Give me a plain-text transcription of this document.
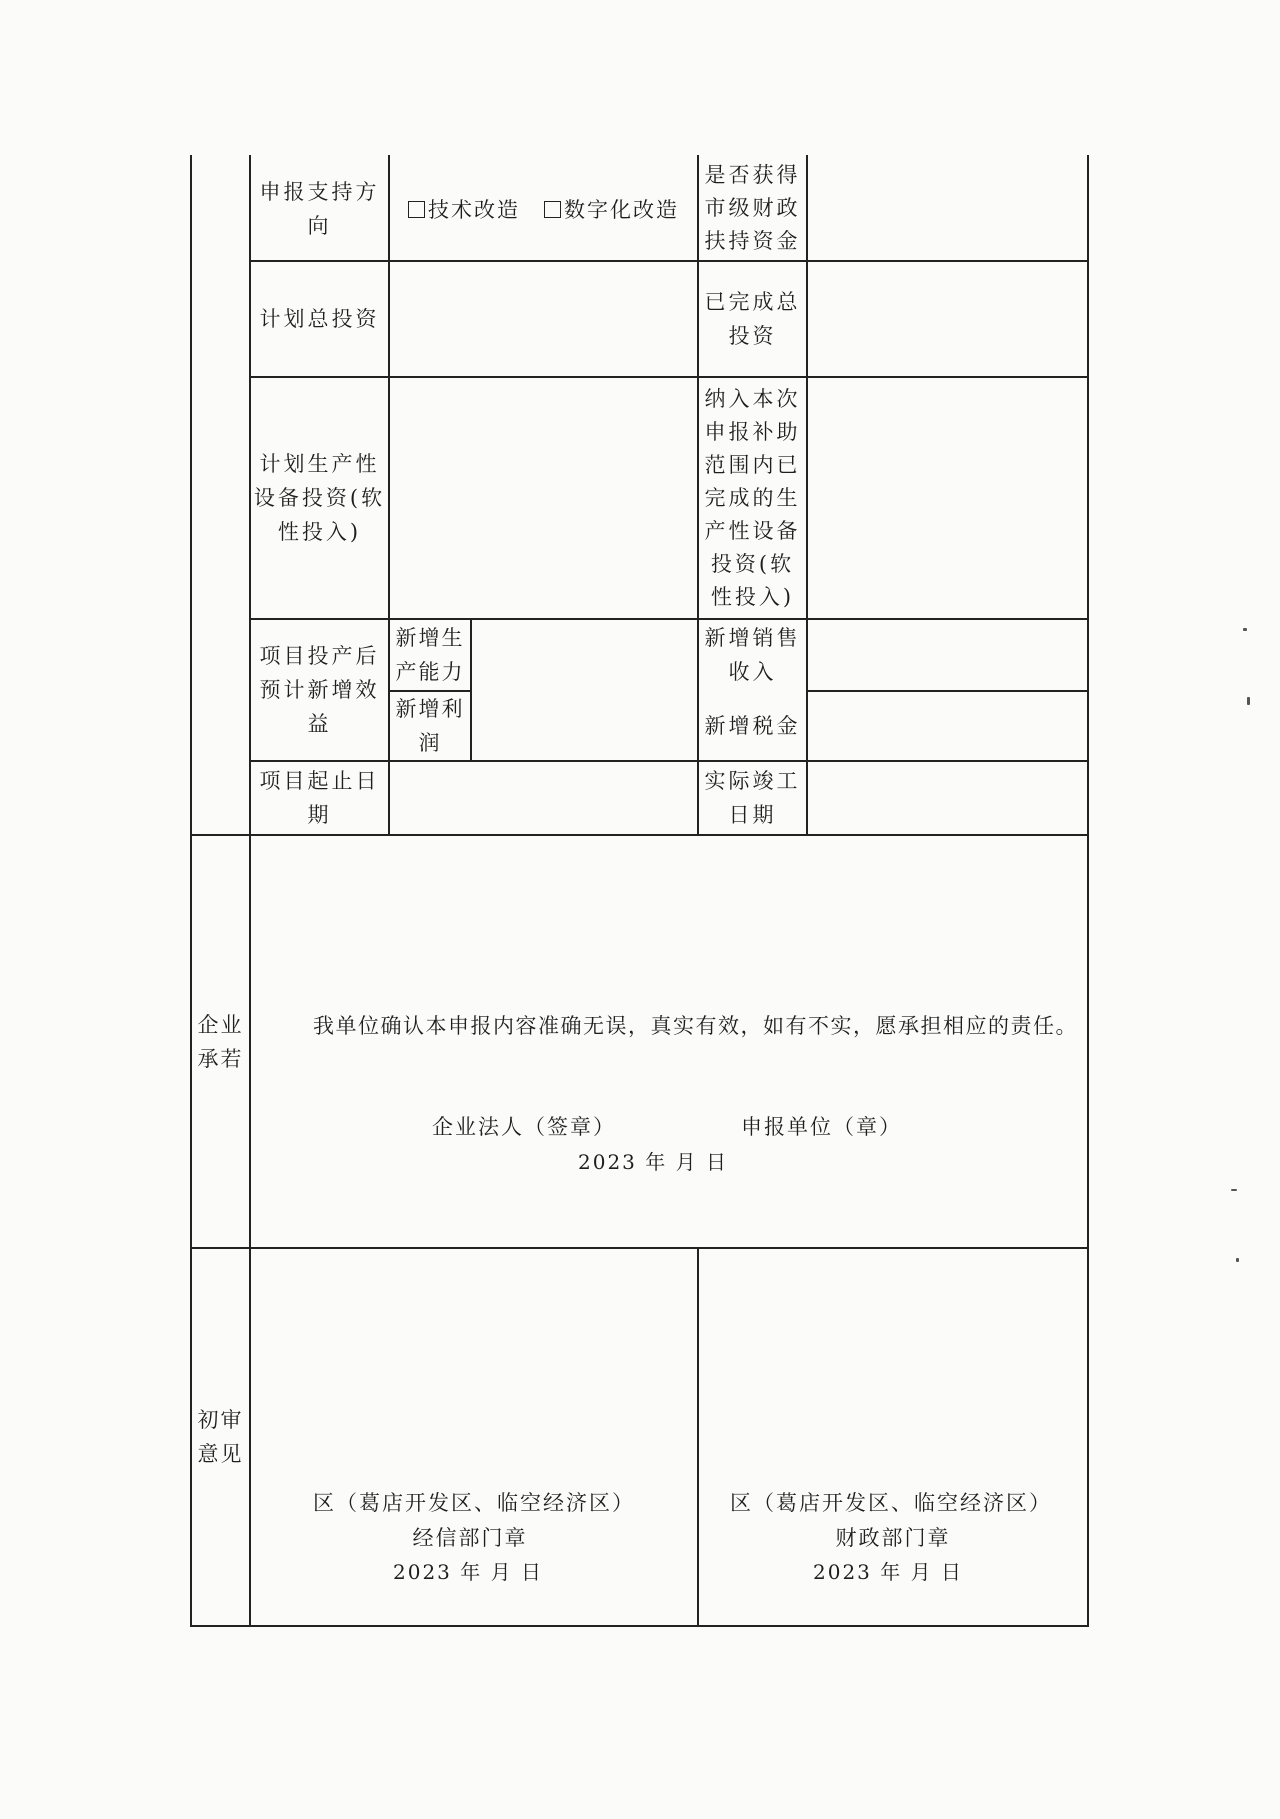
申报支持方
向
技术改造	数字化改造
是否获得
市级财政
扶持资金
计划总投资
已完成总
投资
计划生产性
设备投资(软
性投入)
纳入本次
申报补助
范围内已
完成的生
产性设备
投资(软
性投入)
项目投产后
预计新增效
益
新增生
产能力
新增利
润
新增销售
收入
新增税金
项目起止日
期
实际竣工
日期
企业
承若
我单位确认本申报内容准确无误，真实有效，如有不实，愿承担相应的责任。
企业法人（签章）	申报单位（章）
2023 年 月 日
初审
意见
区（葛店开发区、临空经济区）
经信部门章
2023 年 月 日
区（葛店开发区、临空经济区）
财政部门章
2023 年 月 日
